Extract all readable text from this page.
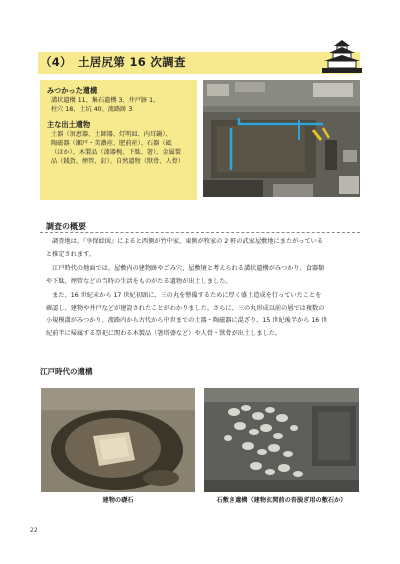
（4）　土居尻第 16 次調査
みつかった遺構
溝状遺構 11、集石遺構 3、井戸跡 1、
柱穴 18、土坑 40、流路跡 3
主な出土遺物
土器（須恵器、土師器、灯明皿、内耳鍋）、
陶磁器（瀬戸・美濃産、肥前産）、石器（砥
（ほか）、木製品（漆器椀、下駄、箸）、金属製
品（銭貨、煙管、釘）、自然遺物（獣骨、人骨）
調査の概要
　調査地は、『享保絵図』によると西側が竹中家、東側が牧家の 2 軒の武家屋敷地にまたがっている
と推定されます。
　江戸時代の地面では、屋敷内の建物跡やごみ穴、屋敷境と考えられる溝状遺構がみつかり、食器類
や下駄、煙管などの当時の生活をものがたる遺物が出土しました。
　また、16 世紀末から 17 世紀初頭に、三の丸を整備するために厚く盛土造成を行っていたことを
確認し、建物や井戸などが建設されたことがわかりました。さらに、三の丸形成以前の層では複数の
小規模溝がみつかり、流路内から古代から中世までの土器・陶磁器に混ざり、15 世紀後半から 16 世
紀前半に帰属する祭祀に関わる木製品（箸塔婆など）や人骨・獣骨が出土しました。
江戸時代の遺構
建物の礎石	石敷き遺構（建物玄関前の沓脱ぎ用の敷石か）
22
